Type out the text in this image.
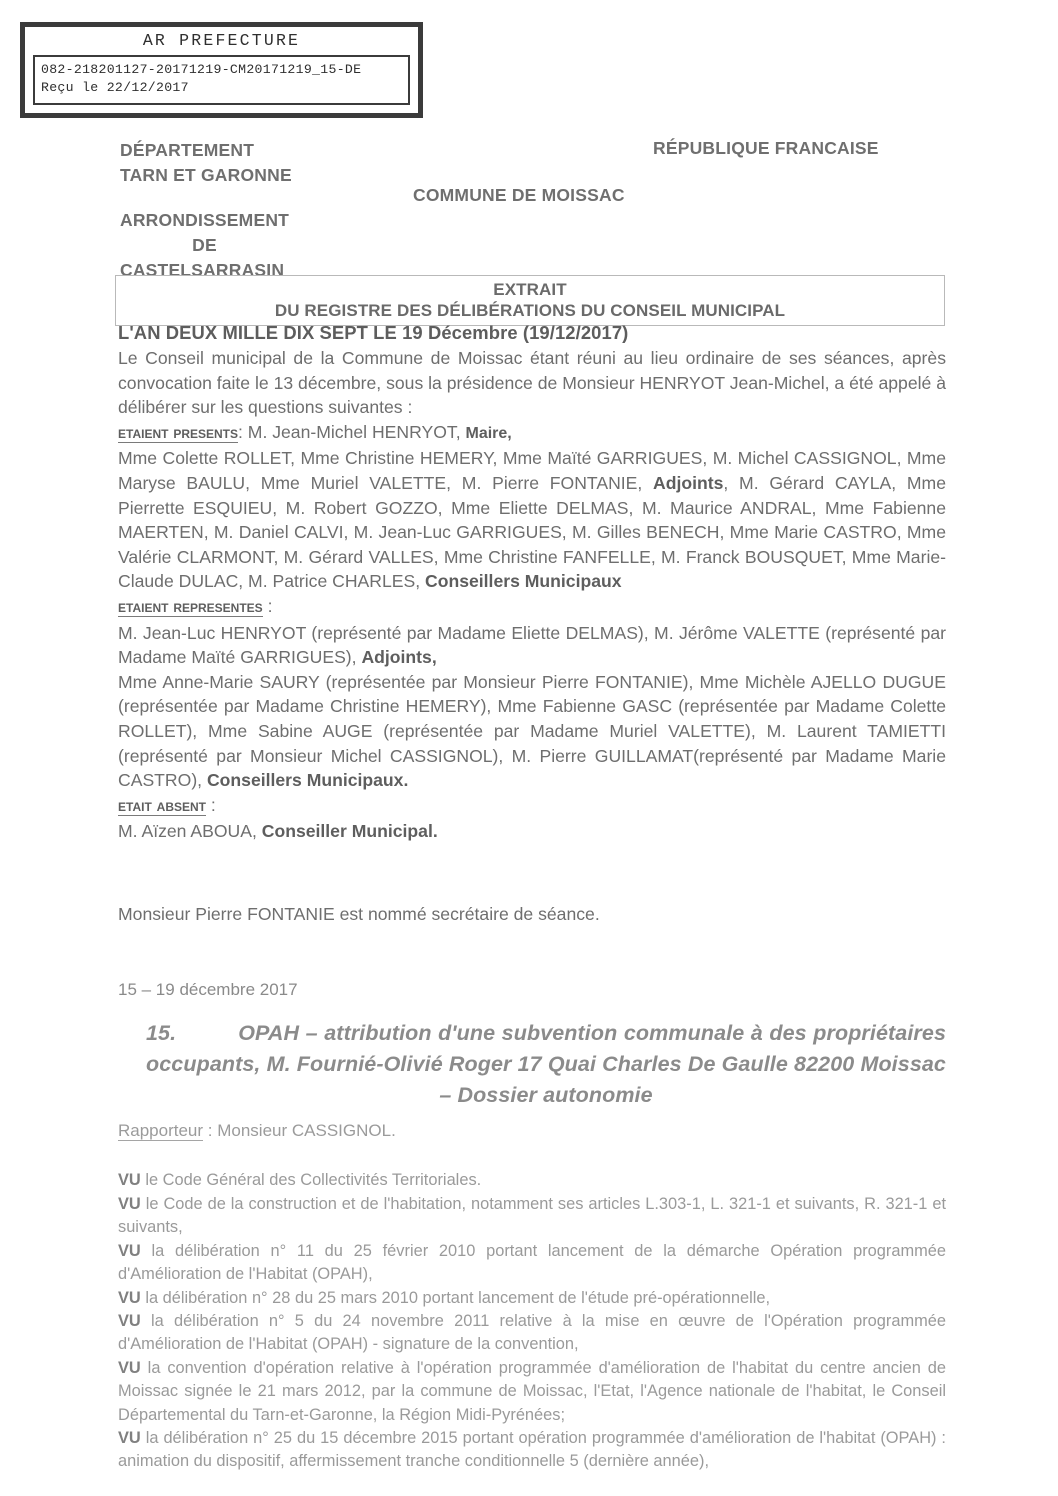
AR PREFECTURE
082-218201127-20171219-CM20171219_15-DE
Reçu le 22/12/2017
DÉPARTEMENT
TARN ET GARONNE
ARRONDISSEMENT
DE
CASTELSARRASIN
RÉPUBLIQUE FRANCAISE
COMMUNE DE MOISSAC
EXTRAIT
DU REGISTRE DES DÉLIBÉRATIONS DU CONSEIL MUNICIPAL
L'AN DEUX MILLE DIX SEPT LE 19 Décembre (19/12/2017)
Le Conseil municipal de la Commune de Moissac étant réuni au lieu ordinaire de ses séances, après convocation faite le 13 décembre, sous la présidence de Monsieur HENRYOT Jean-Michel, a été appelé à délibérer sur les questions suivantes :
etaient presents: M. Jean-Michel HENRYOT, Maire,
Mme Colette ROLLET, Mme Christine HEMERY, Mme Maïté GARRIGUES, M. Michel CASSIGNOL, Mme Maryse BAULU, Mme Muriel VALETTE, M. Pierre FONTANIE, Adjoints, M. Gérard CAYLA, Mme Pierrette ESQUIEU, M. Robert GOZZO, Mme Eliette DELMAS, M. Maurice ANDRAL, Mme Fabienne MAERTEN, M. Daniel CALVI, M. Jean-Luc GARRIGUES, M. Gilles BENECH, Mme Marie CASTRO, Mme Valérie CLARMONT, M. Gérard VALLES, Mme Christine FANFELLE, M. Franck BOUSQUET, Mme Marie-Claude DULAC, M. Patrice CHARLES, Conseillers Municipaux
etaient representes :
M. Jean-Luc HENRYOT (représenté par Madame Eliette DELMAS), M. Jérôme VALETTE (représenté par Madame Maïté GARRIGUES), Adjoints,
Mme Anne-Marie SAURY (représentée par Monsieur Pierre FONTANIE), Mme Michèle AJELLO DUGUE (représentée par Madame Christine HEMERY), Mme Fabienne GASC (représentée par Madame Colette ROLLET), Mme Sabine AUGE (représentée par Madame Muriel VALETTE), M. Laurent TAMIETTI (représenté par Monsieur Michel CASSIGNOL), M. Pierre GUILLAMAT(représenté par Madame Marie CASTRO), Conseillers Municipaux.
etait absent :
M. Aïzen ABOUA, Conseiller Municipal.
Monsieur Pierre FONTANIE est nommé secrétaire de séance.
15 – 19 décembre 2017
15.	OPAH – attribution d'une subvention communale à des propriétaires occupants, M. Fournié-Olivié Roger 17 Quai Charles De Gaulle 82200 Moissac – Dossier autonomie
Rapporteur : Monsieur CASSIGNOL.
VU le Code Général des Collectivités Territoriales.
VU le Code de la construction et de l'habitation, notamment ses articles L.303-1, L. 321-1 et suivants, R. 321-1 et suivants,
VU la délibération n° 11 du 25 février 2010 portant lancement de la démarche Opération programmée d'Amélioration de l'Habitat (OPAH),
VU la délibération n° 28 du 25 mars 2010 portant lancement de l'étude pré-opérationnelle,
VU la délibération n° 5 du 24 novembre 2011 relative à la mise en œuvre de l'Opération programmée d'Amélioration de l'Habitat (OPAH) - signature de la convention,
VU la convention d'opération relative à l'opération programmée d'amélioration de l'habitat du centre ancien de Moissac signée le 21 mars 2012, par la commune de Moissac, l'Etat, l'Agence nationale de l'habitat, le Conseil Départemental du Tarn-et-Garonne, la Région Midi-Pyrénées;
VU la délibération n° 25 du 15 décembre 2015 portant opération programmée d'amélioration de l'habitat (OPAH) : animation du dispositif, affermissement tranche conditionnelle 5 (dernière année),
